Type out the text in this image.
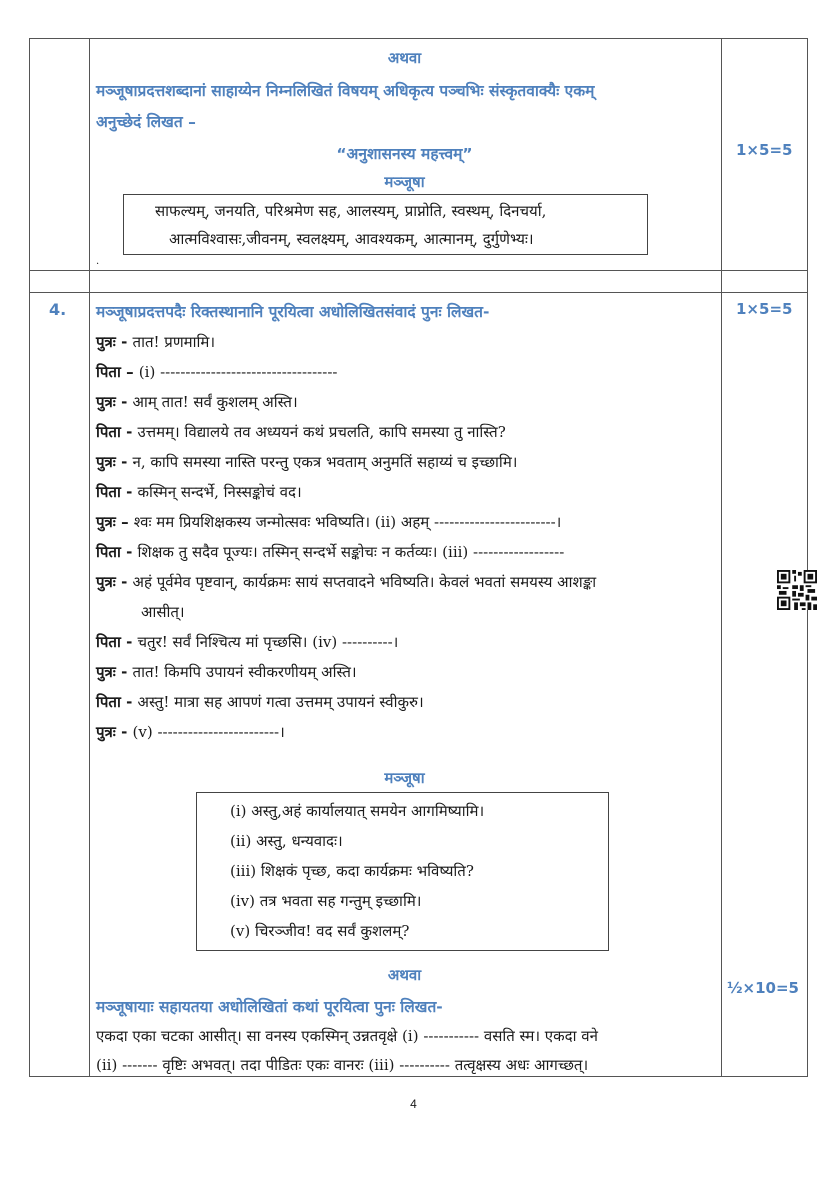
अथवा
मञ्जूषाप्रदत्तशब्दानां साहाय्येन निम्नलिखितं विषयम् अधिकृत्य पञ्चभिः संस्कृतवाक्यैः एकम्
अनुच्छेदं लिखत –
“अनुशासनस्य महत्त्वम्”
मञ्जूषा
1×5=5
साफल्यम्, जनयति, परिश्रमेण सह, आलस्यम्, प्राप्नोति, स्वस्थम्, दिनचर्या,
आत्मविश्वासः,जीवनम्, स्वलक्ष्यम्, आवश्यकम्, आत्मानम्, दुर्गुणेभ्यः।
.
4. मञ्जूषाप्रदत्तपदैः रिक्तस्थानानि पूरयित्वा अधोलिखितसंवादं पुनः लिखत-	1×5=5
पुत्रः - तात! प्रणमामि।
पिता – (i) -----------------------------------
पुत्रः - आम् तात! सर्वं कुशलम् अस्ति।
पिता - उत्तमम्। विद्यालये तव अध्ययनं कथं प्रचलति, कापि समस्या तु नास्ति?
पुत्रः - न, कापि समस्या नास्ति परन्तु एकत्र भवताम् अनुमतिं सहाय्यं च इच्छामि।
पिता - कस्मिन् सन्दर्भे, निस्सङ्कोचं वद।
पुत्रः – श्वः मम प्रियशिक्षकस्य जन्मोत्सवः भविष्यति। (ii) अहम् ------------------------।
पिता - शिक्षक तु सदैव पूज्यः। तस्मिन् सन्दर्भे सङ्कोचः न कर्तव्यः। (iii) ------------------
पुत्रः - अहं पूर्वमेव पृष्टवान्, कार्यक्रमः सायं सप्तवादने भविष्यति। केवलं भवतां समयस्य आशङ्का
आसीत्।
पिता - चतुर! सर्वं निश्चित्य मां पृच्छसि। (iv) ----------।
पुत्रः - तात! किमपि उपायनं स्वीकरणीयम् अस्ति।
पिता - अस्तु! मात्रा सह आपणं गत्वा उत्तमम् उपायनं स्वीकुरु।
पुत्रः - (v) ------------------------।
मञ्जूषा
(i) अस्तु,अहं कार्यालयात् समयेन आगमिष्यामि।
(ii) अस्तु, धन्यवादः।
(iii) शिक्षकं पृच्छ, कदा कार्यक्रमः भविष्यति?
(iv) तत्र भवता सह गन्तुम् इच्छामि।
(v) चिरञ्जीव! वद सर्वं कुशलम्?
अथवा
मञ्जूषायाः सहायतया अधोलिखितां कथां पूरयित्वा पुनः लिखत-
½×10=5
एकदा एका चटका आसीत्। सा वनस्य एकस्मिन् उन्नतवृक्षे (i) ----------- वसति स्म। एकदा वने
(ii) ------- वृष्टिः अभवत्। तदा पीडितः एकः वानरः (iii) ---------- तत्वृक्षस्य अधः आगच्छत्।
4
